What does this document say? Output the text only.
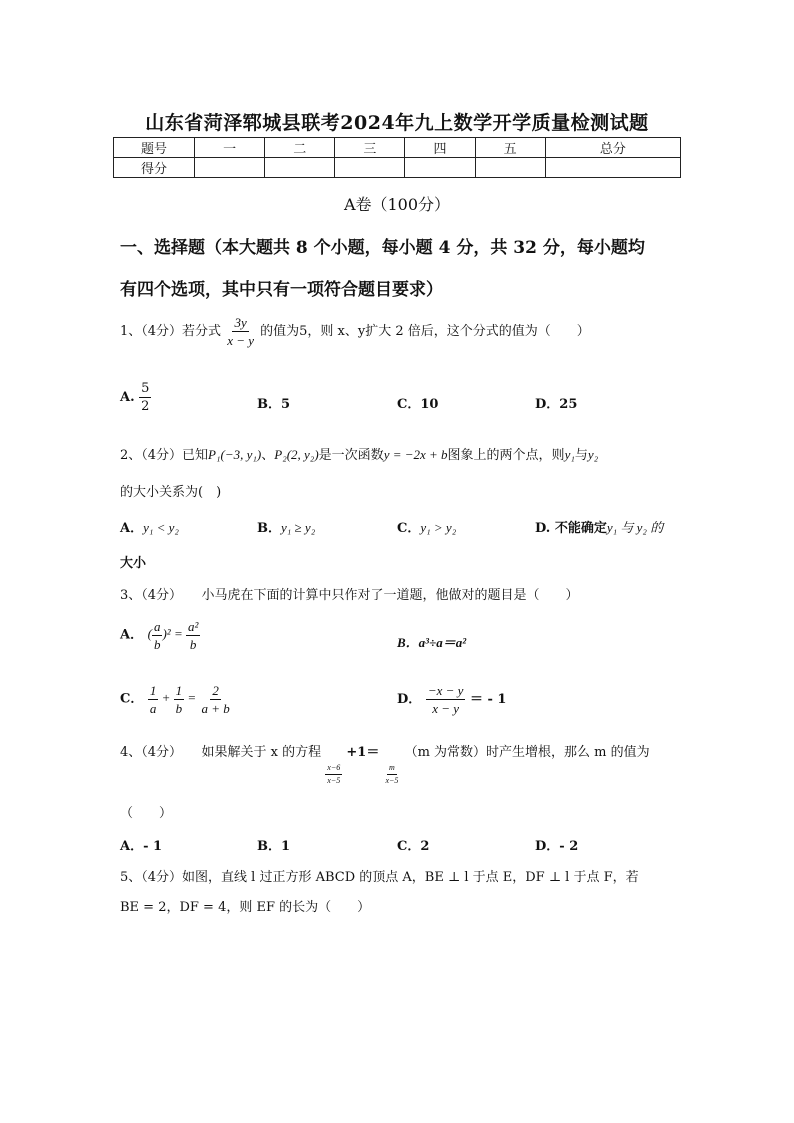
山东省菏泽郓城县联考2024年九上数学开学质量检测试题
题号	一	二	三	四	五	总分
得分						
A卷（100分）
一、选择题（本大题共 8 个小题，每小题 4 分，共 32 分，每小题均
有四个选项，其中只有一项符合题目要求）
1、（4分）若分式 $\frac{3y}{x - y}$ 的值为5，则 x、y扩大 2 倍后，这个分式的值为（　　）
A. $\frac{5}{2}$	B．5	C．10	D．25
2、（4分）已知P₁(−3, y₁)、P₂(2, y₂)是一次函数y = −2x + b图象上的两个点，则y₁与y₂
的大小关系为(　)
A．y₁ < y₂	B．y₁ ≥ y₂	C．y₁ > y₂	D. 不能确定y₁ 与 y₂ 的
大小
3、（4分）　　小马虎在下面的计算中只作对了一道题，他做对的题目是（　　）
A． ( $\frac{a}{b} )^2 = \frac{\text{a²}}{b}$	B．a³÷a＝a²
C． $\frac{1}{a} + \frac{1}{b} = \frac{2}{a + b}$	D． $\frac{-x - y}{x - y}$ ＝ - 1
4、（4分）　　如果解关于 x 的方程
$\frac{x-6}{x-5}$
+1＝
$\frac{m}{x-5}$
（m 为常数）时产生增根，那么 m 的值为
（　　）
A．- 1	B．1	C．2	D．- 2
5、（4分）如图，直线 l 过正方形 ABCD 的顶点 A，BE ⊥ l 于点 E，DF ⊥ l 于点 F，若
BE = 2，DF = 4，则 EF 的长为（　　）
